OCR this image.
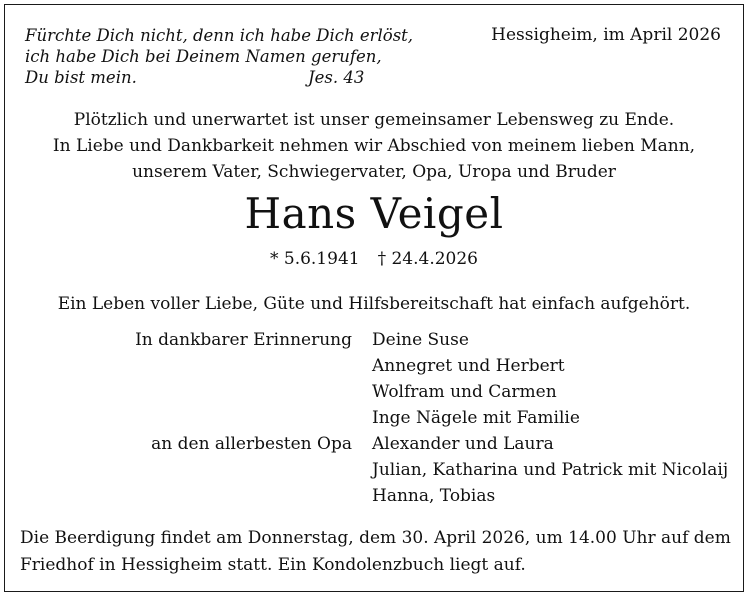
Fürchte Dich nicht, denn ich habe Dich erlöst,
ich habe Dich bei Deinem Namen gerufen,
Du bist mein.	Jes. 43
Hessigheim, im April 2026
Plötzlich und unerwartet ist unser gemeinsamer Lebensweg zu Ende.
In Liebe und Dankbarkeit nehmen wir Abschied von meinem lieben Mann,
unserem Vater, Schwiegervater, Opa, Uropa und Bruder
Hans Veigel
* 5.6.1941 † 24.4.2026
Ein Leben voller Liebe, Güte und Hilfsbereitschaft hat einfach aufgehört.
In dankbarer Erinnerung Deine Suse
Annegret und Herbert
Wolfram und Carmen
Inge Nägele mit Familie
an den allerbesten Opa Alexander und Laura
Julian, Katharina und Patrick mit Nicolaij
Hanna, Tobias
Die Beerdigung findet am Donnerstag, dem 30. April 2026, um 14.00 Uhr auf dem
Friedhof in Hessigheim statt. Ein Kondolenzbuch liegt auf.
